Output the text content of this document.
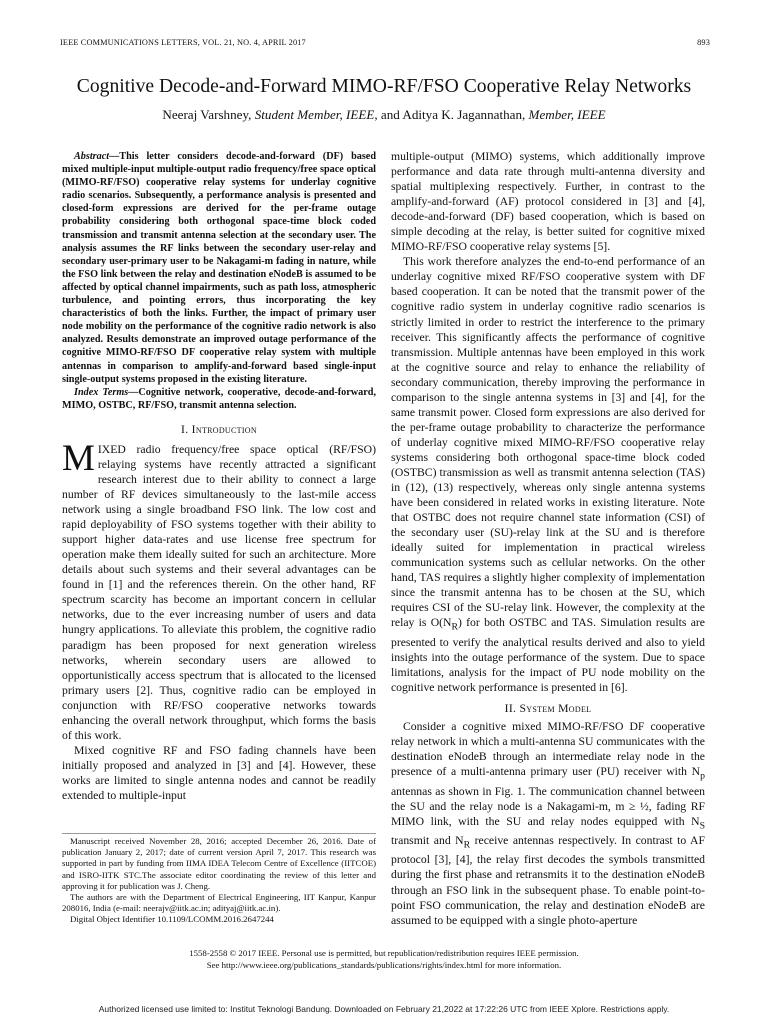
IEEE COMMUNICATIONS LETTERS, VOL. 21, NO. 4, APRIL 2017	893
Cognitive Decode-and-Forward MIMO-RF/FSO Cooperative Relay Networks
Neeraj Varshney, Student Member, IEEE, and Aditya K. Jagannathan, Member, IEEE

Abstract—This letter considers decode-and-forward (DF) based mixed multiple-input multiple-output radio frequency/free space optical (MIMO-RF/FSO) cooperative relay systems for underlay cognitive radio scenarios. Subsequently, a performance analysis is presented and closed-form expressions are derived for the per-frame outage probability considering both orthogonal space-time block coded transmission and transmit antenna selection at the secondary user. The analysis assumes the RF links between the secondary user-relay and secondary user-primary user to be Nakagami-m fading in nature, while the FSO link between the relay and destination eNodeB is assumed to be affected by optical channel impairments, such as path loss, atmospheric turbulence, and pointing errors, thus incorporating the key characteristics of both the links. Further, the impact of primary user node mobility on the performance of the cognitive radio network is also analyzed. Results demonstrate an improved outage performance of the cognitive MIMO-RF/FSO DF cooperative relay system with multiple antennas in comparison to amplify-and-forward based single-input single-output systems proposed in the existing literature.

Index Terms—Cognitive network, cooperative, decode-and-forward, MIMO, OSTBC, RF/FSO, transmit antenna selection.

I. Introduction

MIXED radio frequency/free space optical (RF/FSO) relaying systems have recently attracted a significant research interest due to their ability to connect a large number of RF devices simultaneously to the last-mile access network using a single broadband FSO link. The low cost and rapid deployability of FSO systems together with their ability to support higher data-rates and use license free spectrum for operation make them ideally suited for such an architecture. More details about such systems and their several advantages can be found in [1] and the references therein. On the other hand, RF spectrum scarcity has become an important concern in cellular networks, due to the ever increasing number of users and data hungry applications. To alleviate this problem, the cognitive radio paradigm has been proposed for next generation wireless networks, wherein secondary users are allowed to opportunistically access spectrum that is allocated to the licensed primary users [2]. Thus, cognitive radio can be employed in conjunction with RF/FSO cooperative networks towards enhancing the overall network throughput, which forms the basis of this work.

Mixed cognitive RF and FSO fading channels have been initially proposed and analyzed in [3] and [4]. However, these works are limited to single antenna nodes and cannot be readily extended to multiple-input

multiple-output (MIMO) systems, which additionally improve performance and data rate through multi-antenna diversity and spatial multiplexing respectively. Further, in contrast to the amplify-and-forward (AF) protocol considered in [3] and [4], decode-and-forward (DF) based cooperation, which is based on simple decoding at the relay, is better suited for cognitive mixed MIMO-RF/FSO cooperative relay systems [5].

This work therefore analyzes the end-to-end performance of an underlay cognitive mixed RF/FSO cooperative system with DF based cooperation. It can be noted that the transmit power of the cognitive radio system in underlay cognitive radio scenarios is strictly limited in order to restrict the interference to the primary receiver. This significantly affects the performance of cognitive transmission. Multiple antennas have been employed in this work at the cognitive source and relay to enhance the reliability of secondary communication, thereby improving the performance in comparison to the single antenna systems in [3] and [4], for the same transmit power. Closed form expressions are also derived for the per-frame outage probability to characterize the performance of underlay cognitive mixed MIMO-RF/FSO cooperative relay systems considering both orthogonal space-time block coded (OSTBC) transmission as well as transmit antenna selection (TAS) in (12), (13) respectively, whereas only single antenna systems have been considered in related works in existing literature. Note that OSTBC does not require channel state information (CSI) of the secondary user (SU)-relay link at the SU and is therefore ideally suited for implementation in practical wireless communication systems such as cellular networks. On the other hand, TAS requires a slightly higher complexity of implementation since the transmit antenna has to be chosen at the SU, which requires CSI of the SU-relay link. However, the complexity at the relay is $O(N_R)$ for both OSTBC and TAS. Simulation results are presented to verify the analytical results derived and also to yield insights into the outage performance of the system. Due to space limitations, analysis for the impact of PU node mobility on the cognitive network performance is presented in [6].

II. System Model

Consider a cognitive mixed MIMO-RF/FSO DF cooperative relay network in which a multi-antenna SU communicates with the destination eNodeB through an intermediate relay node in the presence of a multi-antenna primary user (PU) receiver with $N_p$ antennas as shown in Fig. 1. The communication channel between the SU and the relay node is a Nakagami-m, m ≥ ½, fading RF MIMO link, with the SU and relay nodes equipped with $N_S$ transmit and $N_R$ receive antennas respectively. In contrast to AF protocol [3], [4], the relay first decodes the symbols transmitted during the first phase and retransmits it to the destination eNodeB through an FSO link in the subsequent phase. To enable point-to-point FSO communication, the relay and destination eNodeB are assumed to be equipped with a single photo-aperture

Manuscript received November 28, 2016; accepted December 26, 2016. Date of publication January 2, 2017; date of current version April 7, 2017. This research was supported in part by funding from IIMA IDEA Telecom Centre of Excellence (IITCOE) and ISRO-IITK STC.The associate editor coordinating the review of this letter and approving it for publication was J. Cheng.

The authors are with the Department of Electrical Engineering, IIT Kanpur, Kanpur 208016, India (e-mail: neerajv@iitk.ac.in; adityaj@iitk.ac.in).

Digital Object Identifier 10.1109/LCOMM.2016.2647244

1558-2558 © 2017 IEEE. Personal use is permitted, but republication/redistribution requires IEEE permission.
See http://www.ieee.org/publications_standards/publications/rights/index.html for more information.
Authorized licensed use limited to: Institut Teknologi Bandung. Downloaded on February 21,2022 at 17:22:26 UTC from IEEE Xplore. Restrictions apply.
